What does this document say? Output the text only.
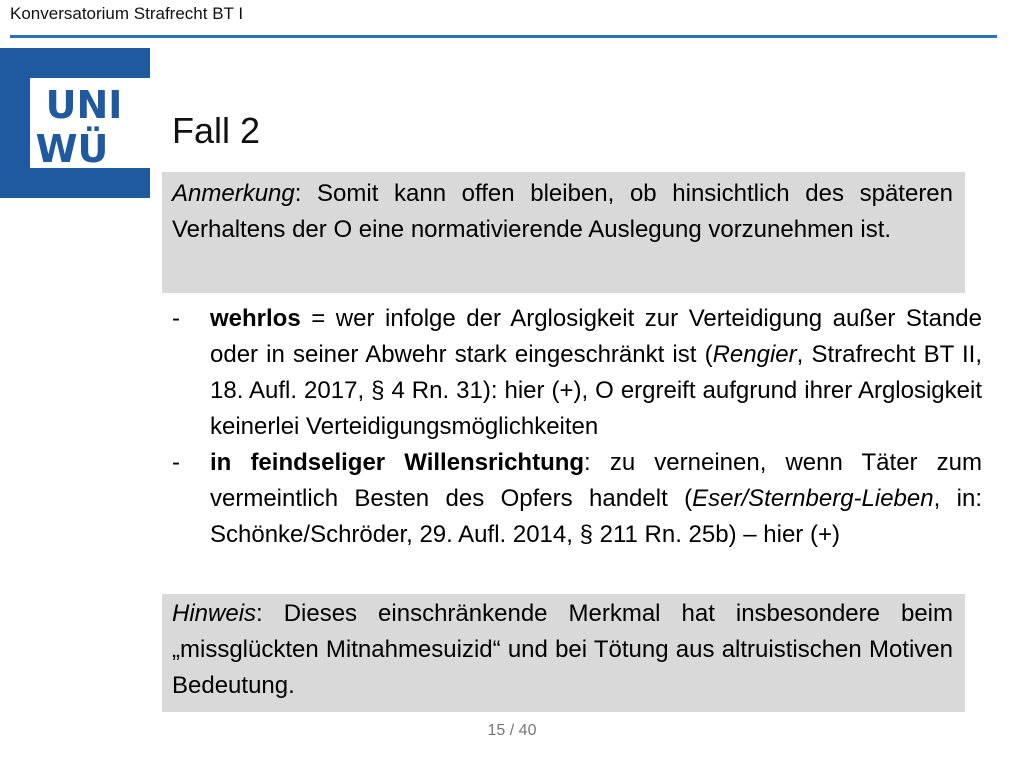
Konversatorium Strafrecht BT I
UNI
WÜ Fall 2
Anmerkung: Somit kann offen bleiben, ob hinsichtlich des späteren Verhaltens der O eine normativierende Auslegung vorzunehmen ist.
- wehrlos = wer infolge der Arglosigkeit zur Verteidigung außer Stande oder in seiner Abwehr stark eingeschränkt ist (Rengier, Strafrecht BT II, 18. Aufl. 2017, § 4 Rn. 31): hier (+), O ergreift aufgrund ihrer Arglosigkeit keinerlei Verteidigungsmöglichkeiten
- in feindseliger Willensrichtung: zu verneinen, wenn Täter zum vermeintlich Besten des Opfers handelt (Eser/Sternberg-Lieben, in: Schönke/Schröder, 29. Aufl. 2014, § 211 Rn. 25b) – hier (+)
Hinweis: Dieses einschränkende Merkmal hat insbesondere beim „missglückten Mitnahmesuizid“ und bei Tötung aus altruistischen Motiven Bedeutung.
15 / 40
